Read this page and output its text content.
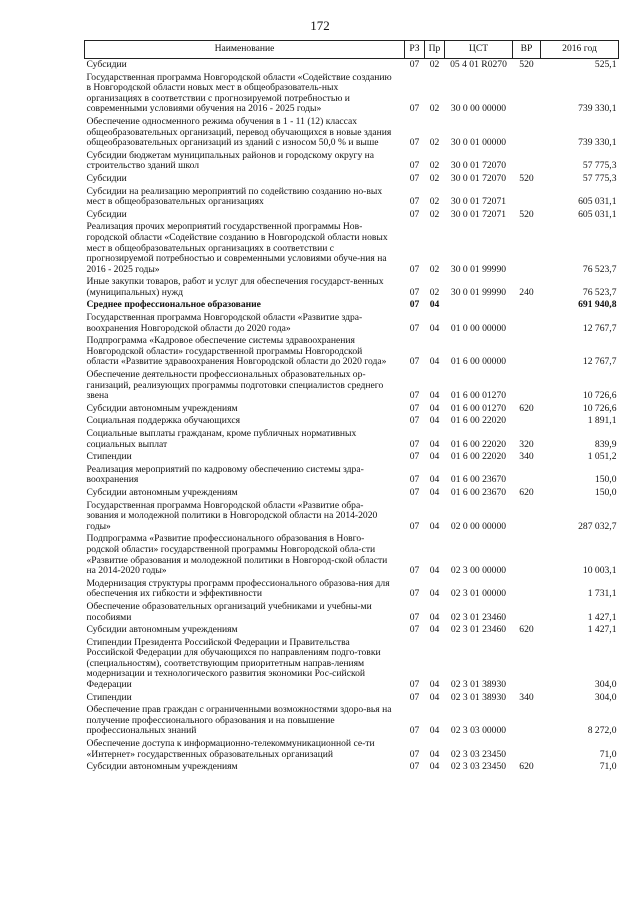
172
Наименование	РЗ	Пр	ЦСТ	ВР	2016 год
Субсидии	07	02	05 4 01 R0270	520	525,1
Государственная программа Новгородской области «Содействие созданию в Новгородской области новых мест в общеобразователь-ных организациях в соответствии с прогнозируемой потребностью и современными условиями обучения на 2016 - 2025 годы»	07	02	30 0 00 00000		739 330,1
Обеспечение односменного режима обучения в 1 - 11 (12) классах общеобразовательных организаций, перевод обучающихся в новые здания общеобразовательных организаций из зданий с износом 50,0 % и выше	07	02	30 0 01 00000		739 330,1
Субсидии бюджетам муниципальных районов и городскому округу на строительство зданий школ	07	02	30 0 01 72070		57 775,3
Субсидии	07	02	30 0 01 72070	520	57 775,3
Субсидии на реализацию мероприятий по содействию созданию но-вых мест в общеобразовательных организациях	07	02	30 0 01 72071		605 031,1
Субсидии	07	02	30 0 01 72071	520	605 031,1
Реализация прочих мероприятий государственной программы Нов-городской области «Содействие созданию в Новгородской области новых мест в общеобразовательных организациях в соответствии с прогнозируемой потребностью и современными условиями обуче-ния на 2016 - 2025 годы»	07	02	30 0 01 99990		76 523,7
Иные закупки товаров, работ и услуг для обеспечения государст-венных (муниципальных) нужд	07	02	30 0 01 99990	240	76 523,7
Среднее профессиональное образование	07	04			691 940,8
Государственная программа Новгородской области «Развитие здра-воохранения Новгородской области до 2020 года»	07	04	01 0 00 00000		12 767,7
Подпрограмма «Кадровое обеспечение системы здравоохранения Новгородской области» государственной программы Новгородской области «Развитие здравоохранения Новгородской области до 2020 года»	07	04	01 6 00 00000		12 767,7
Обеспечение деятельности профессиональных образовательных ор-ганизаций, реализующих программы подготовки специалистов среднего звена	07	04	01 6 00 01270		10 726,6
Субсидии автономным учреждениям	07	04	01 6 00 01270	620	10 726,6
Социальная поддержка обучающихся	07	04	01 6 00 22020		1 891,1
Социальные выплаты гражданам, кроме публичных нормативных социальных выплат	07	04	01 6 00 22020	320	839,9
Стипендии	07	04	01 6 00 22020	340	1 051,2
Реализация мероприятий по кадровому обеспечению системы здра-воохранения	07	04	01 6 00 23670		150,0
Субсидии автономным учреждениям	07	04	01 6 00 23670	620	150,0
Государственная программа Новгородской области «Развитие обра-зования и молодежной политики в Новгородской области на 2014-2020 годы»	07	04	02 0 00 00000		287 032,7
Подпрограмма «Развитие профессионального образования в Новго-родской области» государственной программы Новгородской обла-сти «Развитие образования и молодежной политики в Новгород-ской области на 2014-2020 годы»	07	04	02 3 00 00000		10 003,1
Модернизация структуры программ профессионального образова-ния для обеспечения их гибкости и эффективности	07	04	02 3 01 00000		1 731,1
Обеспечение образовательных организаций учебниками и учебны-ми пособиями	07	04	02 3 01 23460		1 427,1
Субсидии автономным учреждениям	07	04	02 3 01 23460	620	1 427,1
Стипендии Президента Российской Федерации и Правительства Российской Федерации для обучающихся по направлениям подго-товки (специальностям), соответствующим приоритетным направ-лениям модернизации и технологического развития экономики Рос-сийской Федерации	07	04	02 3 01 38930		304,0
Стипендии	07	04	02 3 01 38930	340	304,0
Обеспечение прав граждан с ограниченными возможностями здоро-вья на получение профессионального образования и на повышение профессиональных знаний	07	04	02 3 03 00000		8 272,0
Обеспечение доступа к информационно-телекоммуникационной се-ти «Интернет» государственных образовательных организаций	07	04	02 3 03 23450		71,0
Субсидии автономным учреждениям	07	04	02 3 03 23450	620	71,0
